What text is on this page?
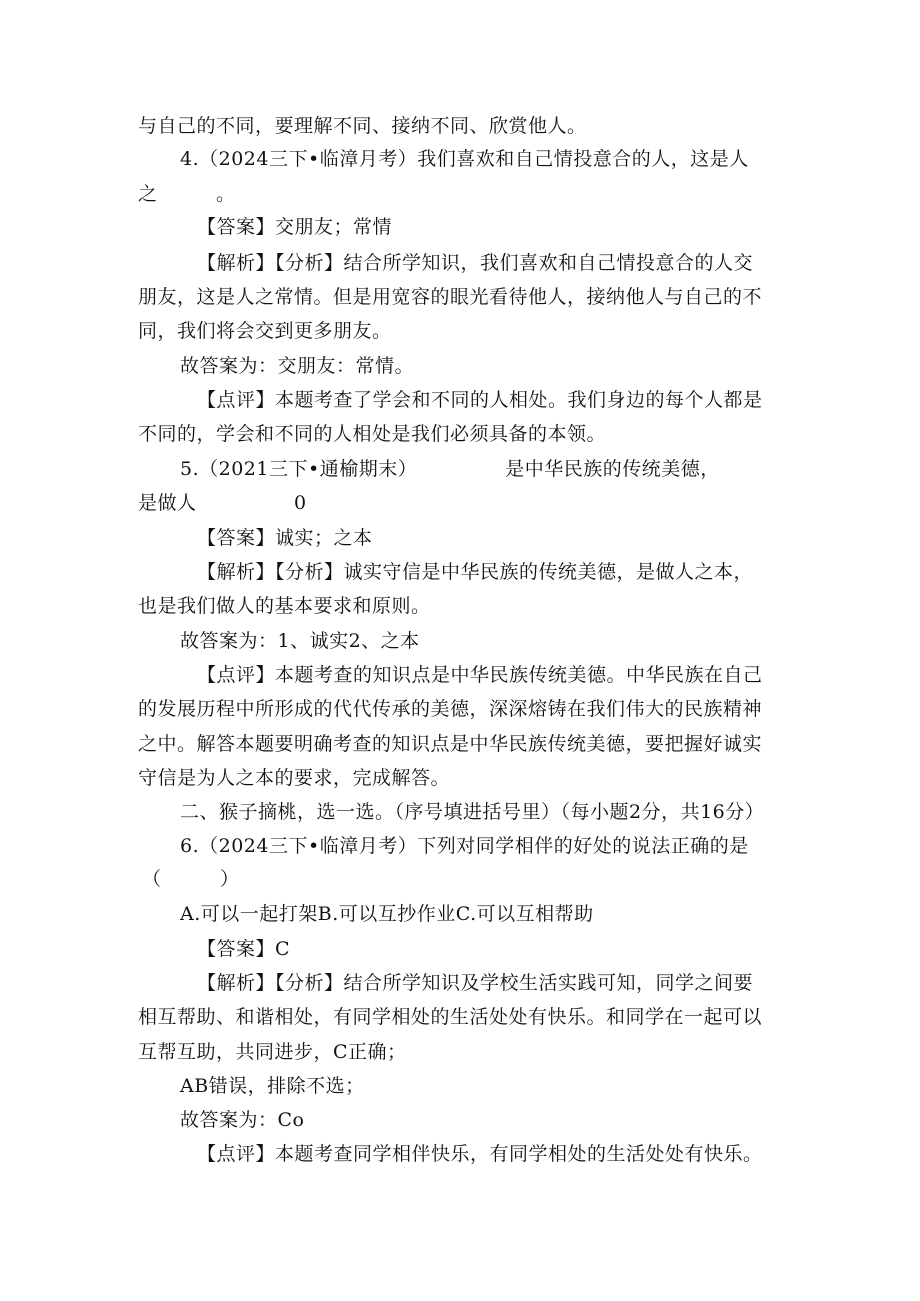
与自己的不同，要理解不同、接纳不同、欣赏他人。
4.（2024三下•临漳月考）我们喜欢和自己情投意合的人，这是人
之　　　。
【答案】交朋友；常情
【解析】【分析】结合所学知识，我们喜欢和自己情投意合的人交
朋友，这是人之常情。但是用宽容的眼光看待他人，接纳他人与自己的不
同，我们将会交到更多朋友。
故答案为：交朋友：常情。
【点评】本题考查了学会和不同的人相处。我们身边的每个人都是
不同的，学会和不同的人相处是我们必须具备的本领。
5.（2021三下•通榆期末）　　　　　是中华民族的传统美德，
是做人　　　　　0
【答案】诚实；之本
【解析】【分析】诚实守信是中华民族的传统美德，是做人之本，
也是我们做人的基本要求和原则。
故答案为：1、诚实2、之本
【点评】本题考查的知识点是中华民族传统美德。中华民族在自己
的发展历程中所形成的代代传承的美德，深深熔铸在我们伟大的民族精神
之中。解答本题要明确考查的知识点是中华民族传统美德，要把握好诚实
守信是为人之本的要求，完成解答。
二、猴子摘桃，选一选。（序号填进括号里）（每小题2分，共16分）
6.（2024三下•临漳月考）下列对同学相伴的好处的说法正确的是
（　　　）
A.可以一起打架B.可以互抄作业C.可以互相帮助
【答案】C
【解析】【分析】结合所学知识及学校生活实践可知，同学之间要
相互帮助、和谐相处，有同学相处的生活处处有快乐。和同学在一起可以
互帮互助，共同进步，C正确；
AB错误，排除不选；
故答案为：Co
【点评】本题考查同学相伴快乐，有同学相处的生活处处有快乐。
